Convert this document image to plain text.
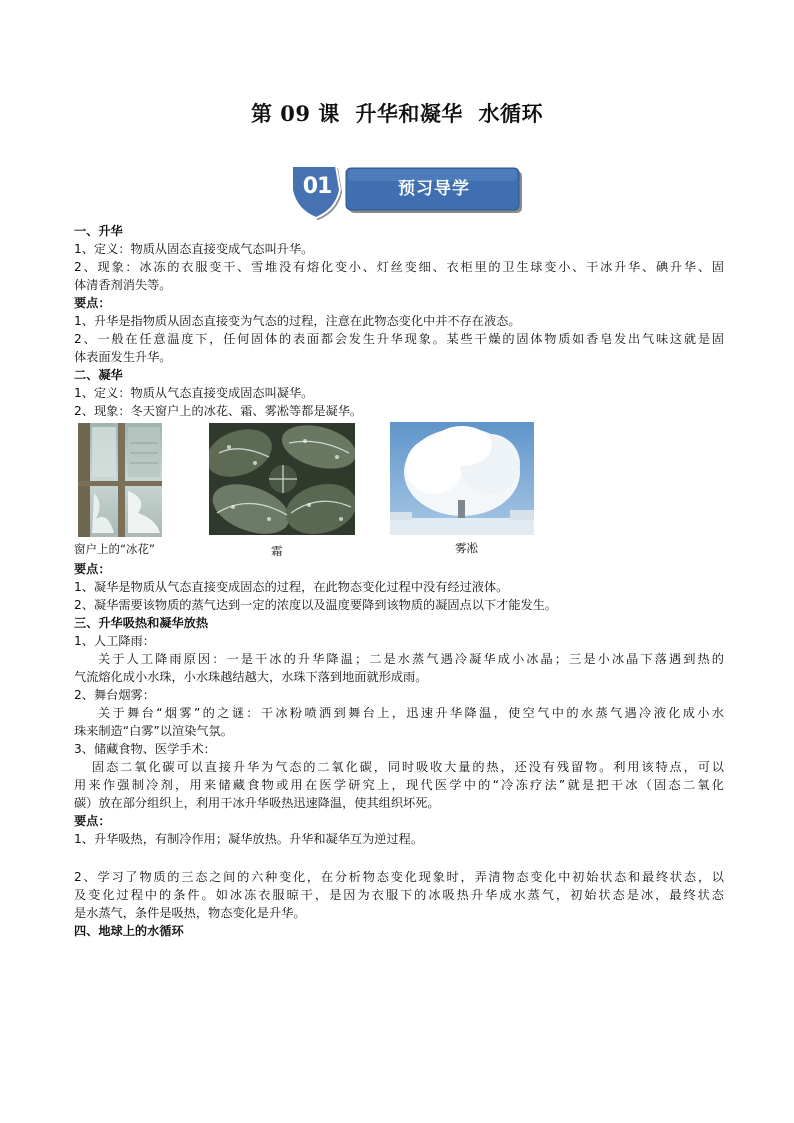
第 09 课  升华和凝华  水循环
01	预习导学
一、升华
1、定义：物质从固态直接变成气态叫升华。
2、现象：冰冻的衣服变干、雪堆没有熔化变小、灯丝变细、衣柜里的卫生球变小、干冰升华、碘升华、固
体清香剂消失等。
要点：
1、升华是指物质从固态直接变为气态的过程，注意在此物态变化中并不存在液态。
2、一般在任意温度下，任何固体的表面都会发生升华现象。某些干燥的固体物质如香皂发出气味这就是固
体表面发生升华。
二、凝华
1、定义：物质从气态直接变成固态叫凝华。
2、现象：冬天窗户上的冰花、霜、雾凇等都是凝华。
窗户上的“冰花”	霜	雾凇
要点：
1、凝华是物质从气态直接变成固态的过程，在此物态变化过程中没有经过液体。
2、凝华需要该物质的蒸气达到一定的浓度以及温度要降到该物质的凝固点以下才能发生。
三、升华吸热和凝华放热
1、人工降雨：
关于人工降雨原因：一是干冰的升华降温；二是水蒸气遇冷凝华成小冰晶；三是小冰晶下落遇到热的
气流熔化成小水珠，小水珠越结越大，水珠下落到地面就形成雨。
2、舞台烟雾：
关于舞台“烟雾”的之谜：干冰粉喷洒到舞台上，迅速升华降温，使空气中的水蒸气遇冷液化成小水
珠来制造“白雾”以渲染气氛。
3、储藏食物、医学手术：
固态二氧化碳可以直接升华为气态的二氧化碳，同时吸收大量的热，还没有残留物。利用该特点，可以
用来作强制冷剂，用来储藏食物或用在医学研究上，现代医学中的“冷冻疗法”就是把干冰（固态二氧化
碳）放在部分组织上，利用干冰升华吸热迅速降温，使其组织坏死。
要点：
1、升华吸热，有制冷作用；凝华放热。升华和凝华互为逆过程。
2、学习了物质的三态之间的六种变化，在分析物态变化现象时，弄清物态变化中初始状态和最终状态，以
及变化过程中的条件。如冰冻衣服晾干，是因为衣服下的冰吸热升华成水蒸气，初始状态是冰，最终状态
是水蒸气，条件是吸热，物态变化是升华。
四、地球上的水循环
